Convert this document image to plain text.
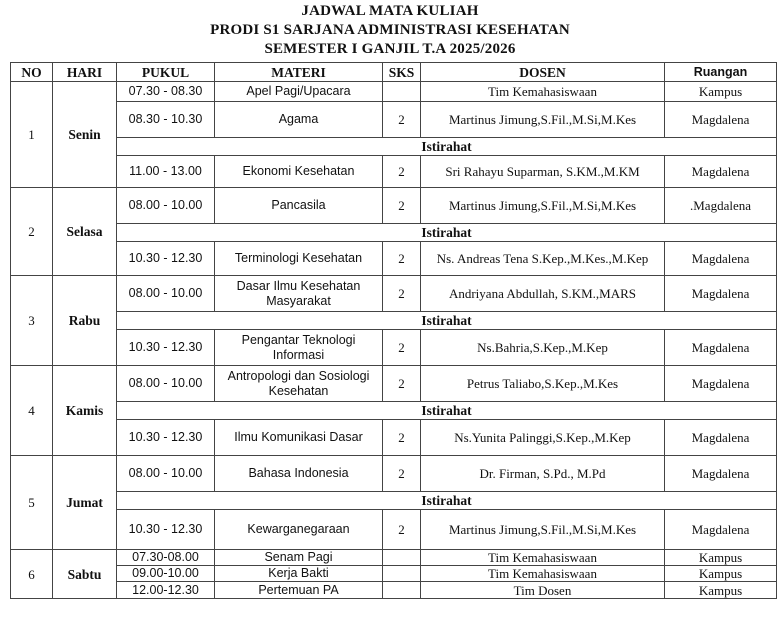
JADWAL MATA KULIAH
PRODI S1 SARJANA ADMINISTRASI KESEHATAN
SEMESTER I GANJIL T.A 2025/2026
NO	HARI	PUKUL	MATERI	SKS	DOSEN	Ruangan
1	Senin	07.30 - 08.30	Apel Pagi/Upacara		Tim Kemahasiswaan	Kampus
		08.30 - 10.30	Agama	2	Martinus Jimung,S.Fil.,M.Si,M.Kes	Magdalena
		Istirahat				
		11.00 - 13.00	Ekonomi Kesehatan	2	Sri Rahayu Suparman, S.KM.,M.KM	Magdalena
2	Selasa	08.00 - 10.00	Pancasila	2	Martinus Jimung,S.Fil.,M.Si,M.Kes	.Magdalena
		Istirahat				
		10.30 - 12.30	Terminologi Kesehatan	2	Ns. Andreas Tena S.Kep.,M.Kes.,M.Kep	Magdalena
3	Rabu	08.00 - 10.00	Dasar Ilmu Kesehatan Masyarakat	2	Andriyana Abdullah, S.KM.,MARS	Magdalena
		Istirahat				
		10.30 - 12.30	Pengantar Teknologi Informasi	2	Ns.Bahria,S.Kep.,M.Kep	Magdalena
4	Kamis	08.00 - 10.00	Antropologi dan Sosiologi Kesehatan	2	Petrus Taliabo,S.Kep.,M.Kes	Magdalena
		Istirahat				
		10.30 - 12.30	Ilmu Komunikasi Dasar	2	Ns.Yunita Palinggi,S.Kep.,M.Kep	Magdalena
5	Jumat	08.00 - 10.00	Bahasa Indonesia	2	Dr. Firman, S.Pd., M.Pd	Magdalena
		Istirahat				
		10.30 - 12.30	Kewarganegaraan	2	Martinus Jimung,S.Fil.,M.Si,M.Kes	Magdalena
6	Sabtu	07.30-08.00	Senam Pagi		Tim Kemahasiswaan	Kampus
		09.00-10.00	Kerja Bakti		Tim Kemahasiswaan	Kampus
		12.00-12.30	Pertemuan PA		Tim Dosen	Kampus
